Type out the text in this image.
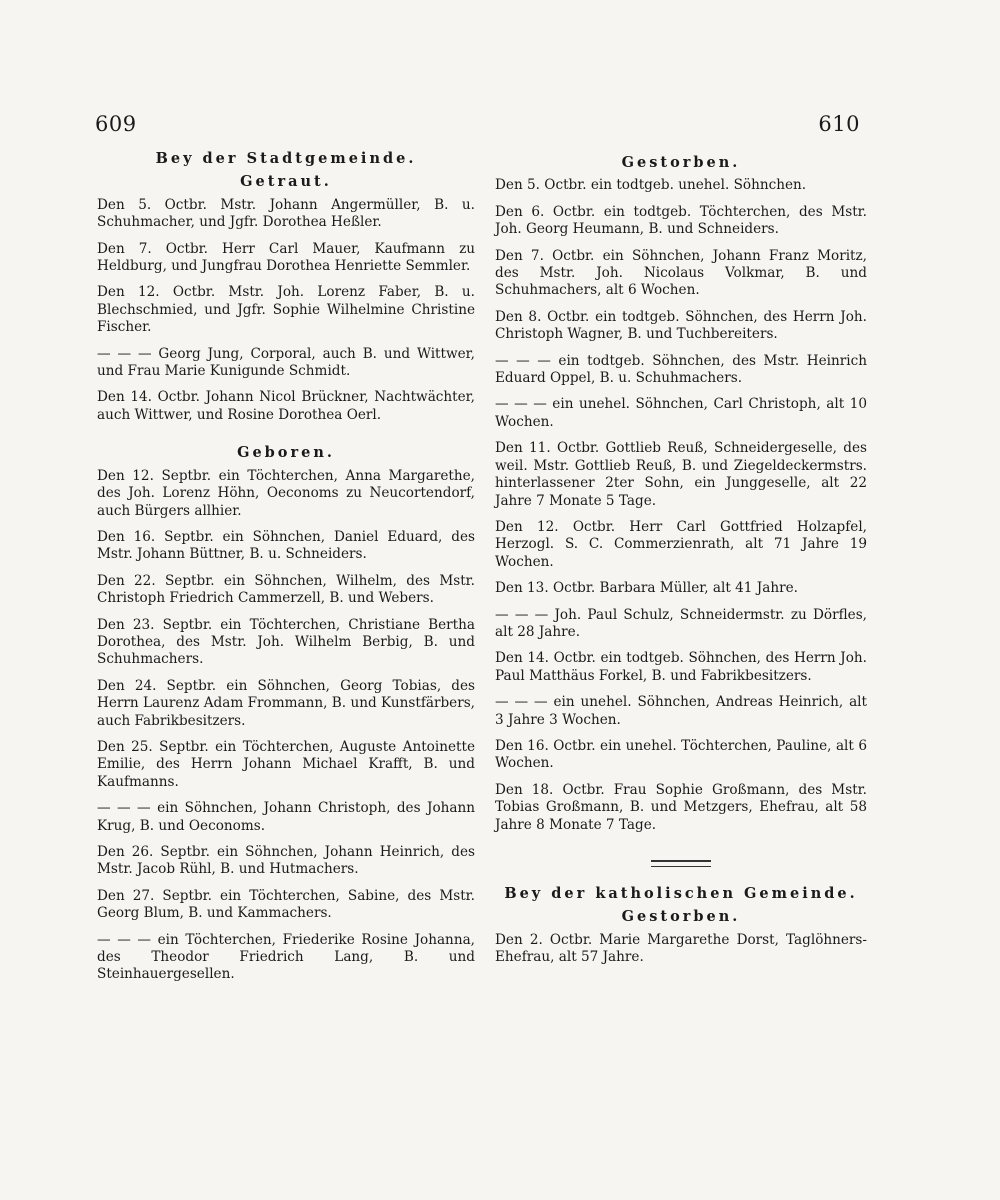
609	610
Bey der Stadtgemeinde.
Getraut.
Den 5. Octbr. Mstr. Johann Angermüller, B. u. Schuhmacher, und Jgfr. Dorothea Heßler.
Den 7. Octbr. Herr Carl Mauer, Kaufmann zu Heldburg, und Jungfrau Dorothea Henriette Semmler.
Den 12. Octbr. Mstr. Joh. Lorenz Faber, B. u. Blechschmied, und Jgfr. Sophie Wilhelmine Christine Fischer.
— — — Georg Jung, Corporal, auch B. und Wittwer, und Frau Marie Kunigunde Schmidt.
Den 14. Octbr. Johann Nicol Brückner, Nachtwächter, auch Wittwer, und Rosine Dorothea Oerl.
Geboren.
Den 12. Septbr. ein Töchterchen, Anna Margarethe, des Joh. Lorenz Höhn, Oeconoms zu Neucortendorf, auch Bürgers allhier.
Den 16. Septbr. ein Söhnchen, Daniel Eduard, des Mstr. Johann Büttner, B. u. Schneiders.
Den 22. Septbr. ein Söhnchen, Wilhelm, des Mstr. Christoph Friedrich Cammerzell, B. und Webers.
Den 23. Septbr. ein Töchterchen, Christiane Bertha Dorothea, des Mstr. Joh. Wilhelm Berbig, B. und Schuhmachers.
Den 24. Septbr. ein Söhnchen, Georg Tobias, des Herrn Laurenz Adam Frommann, B. und Kunstfärbers, auch Fabrikbesitzers.
Den 25. Septbr. ein Töchterchen, Auguste Antoinette Emilie, des Herrn Johann Michael Krafft, B. und Kaufmanns.
— — — ein Söhnchen, Johann Christoph, des Johann Krug, B. und Oeconoms.
Den 26. Septbr. ein Söhnchen, Johann Heinrich, des Mstr. Jacob Rühl, B. und Hutmachers.
Den 27. Septbr. ein Töchterchen, Sabine, des Mstr. Georg Blum, B. und Kammachers.
— — — ein Töchterchen, Friederike Rosine Johanna, des Theodor Friedrich Lang, B. und Steinhauergesellen.
Gestorben.
Den 5. Octbr. ein todtgeb. unehel. Söhnchen.
Den 6. Octbr. ein todtgeb. Töchterchen, des Mstr. Joh. Georg Heumann, B. und Schneiders.
Den 7. Octbr. ein Söhnchen, Johann Franz Moritz, des Mstr. Joh. Nicolaus Volkmar, B. und Schuhmachers, alt 6 Wochen.
Den 8. Octbr. ein todtgeb. Söhnchen, des Herrn Joh. Christoph Wagner, B. und Tuchbereiters.
— — — ein todtgeb. Söhnchen, des Mstr. Heinrich Eduard Oppel, B. u. Schuhmachers.
— — — ein unehel. Söhnchen, Carl Christoph, alt 10 Wochen.
Den 11. Octbr. Gottlieb Reuß, Schneidergeselle, des weil. Mstr. Gottlieb Reuß, B. und Ziegeldeckermstrs. hinterlassener 2ter Sohn, ein Junggeselle, alt 22 Jahre 7 Monate 5 Tage.
Den 12. Octbr. Herr Carl Gottfried Holzapfel, Herzogl. S. C. Commerzienrath, alt 71 Jahre 19 Wochen.
Den 13. Octbr. Barbara Müller, alt 41 Jahre.
— — — Joh. Paul Schulz, Schneidermstr. zu Dörfles, alt 28 Jahre.
Den 14. Octbr. ein todtgeb. Söhnchen, des Herrn Joh. Paul Matthäus Forkel, B. und Fabrikbesitzers.
— — — ein unehel. Söhnchen, Andreas Heinrich, alt 3 Jahre 3 Wochen.
Den 16. Octbr. ein unehel. Töchterchen, Pauline, alt 6 Wochen.
Den 18. Octbr. Frau Sophie Großmann, des Mstr. Tobias Großmann, B. und Metzgers, Ehefrau, alt 58 Jahre 8 Monate 7 Tage.
Bey der katholischen Gemeinde.
Gestorben.
Den 2. Octbr. Marie Margarethe Dorst, Taglöhners-Ehefrau, alt 57 Jahre.
